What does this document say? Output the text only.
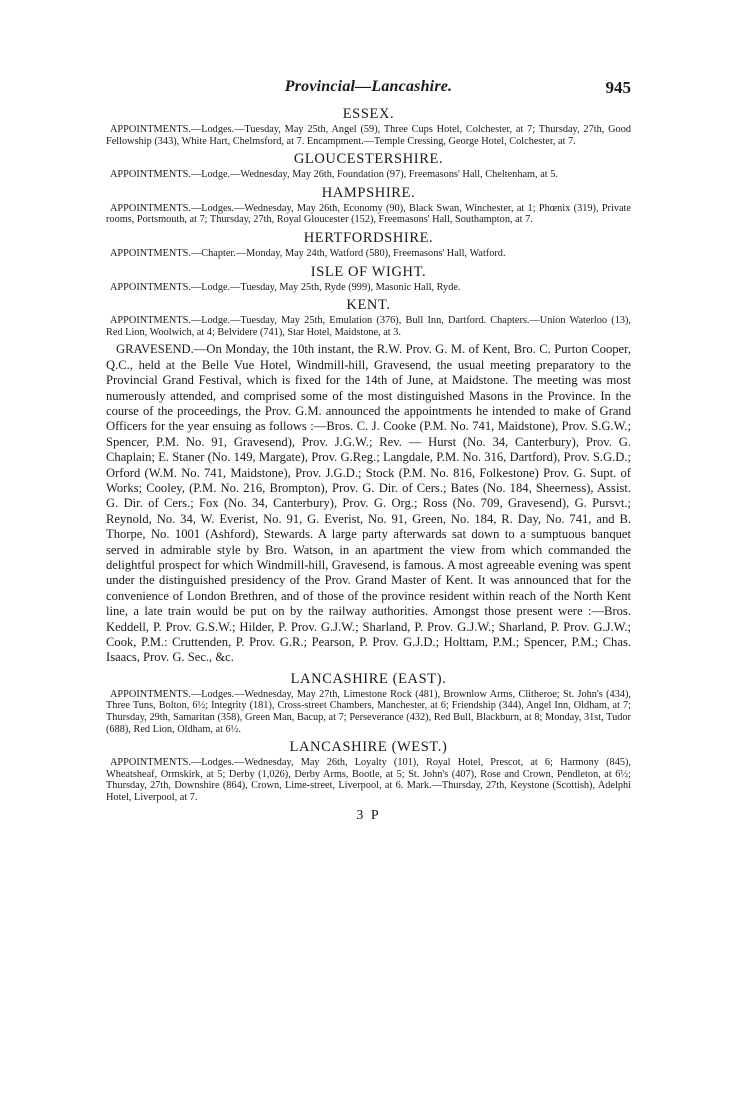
Provincial—Lancashire.	945
ESSEX.

APPOINTMENTS.—Lodges.—Tuesday, May 25th, Angel (59), Three Cups Hotel, Colchester, at 7; Thursday, 27th, Good Fellowship (343), White Hart, Chelmsford, at 7. Encampment.—Temple Cressing, George Hotel, Colchester, at 7.

GLOUCESTERSHIRE.

APPOINTMENTS.—Lodge.—Wednesday, May 26th, Foundation (97), Freemasons' Hall, Cheltenham, at 5.

HAMPSHIRE.

APPOINTMENTS.—Lodges.—Wednesday, May 26th, Economy (90), Black Swan, Winchester, at 1; Phœnix (319), Private rooms, Portsmouth, at 7; Thursday, 27th, Royal Gloucester (152), Freemasons' Hall, Southampton, at 7.

HERTFORDSHIRE.

APPOINTMENTS.—Chapter.—Monday, May 24th, Watford (580), Freemasons' Hall, Watford.

ISLE OF WIGHT.

APPOINTMENTS.—Lodge.—Tuesday, May 25th, Ryde (999), Masonic Hall, Ryde.

KENT.

APPOINTMENTS.—Lodge.—Tuesday, May 25th, Emulation (376), Bull Inn, Dartford. Chapters.—Union Waterloo (13), Red Lion, Woolwich, at 4; Belvidere (741), Star Hotel, Maidstone, at 3.

GRAVESEND.—On Monday, the 10th instant, the R.W. Prov. G. M. of Kent, Bro. C. Purton Cooper, Q.C., held at the Belle Vue Hotel, Windmill-hill, Gravesend, the usual meeting preparatory to the Provincial Grand Festival, which is fixed for the 14th of June, at Maidstone. The meeting was most numerously attended, and comprised some of the most distinguished Masons in the Province. In the course of the proceedings, the Prov. G.M. announced the appointments he intended to make of Grand Officers for the year ensuing as follows :—Bros. C. J. Cooke (P.M. No. 741, Maidstone), Prov. S.G.W.; Spencer, P.M. No. 91, Gravesend), Prov. J.G.W.; Rev. — Hurst (No. 34, Canterbury), Prov. G. Chaplain; E. Staner (No. 149, Margate), Prov. G.Reg.; Langdale, P.M. No. 316, Dartford), Prov. S.G.D.; Orford (W.M. No. 741, Maidstone), Prov. J.G.D.; Stock (P.M. No. 816, Folkestone) Prov. G. Supt. of Works; Cooley, (P.M. No. 216, Brompton), Prov. G. Dir. of Cers.; Bates (No. 184, Sheerness), Assist. G. Dir. of Cers.; Fox (No. 34, Canterbury), Prov. G. Org.; Ross (No. 709, Gravesend), G. Pursvt.; Reynold, No. 34, W. Everist, No. 91, G. Everist, No. 91, Green, No. 184, R. Day, No. 741, and B. Thorpe, No. 1001 (Ashford), Stewards. A large party afterwards sat down to a sumptuous banquet served in admirable style by Bro. Watson, in an apartment the view from which commanded the delightful prospect for which Windmill-hill, Gravesend, is famous. A most agreeable evening was spent under the distinguished presidency of the Prov. Grand Master of Kent. It was announced that for the convenience of London Brethren, and of those of the province resident within reach of the North Kent line, a late train would be put on by the railway authorities. Amongst those present were :—Bros. Keddell, P. Prov. G.S.W.; Hilder, P. Prov. G.J.W.; Sharland, P. Prov. G.J.W.; Sharland, P. Prov. G.J.W.; Cook, P.M.: Cruttenden, P. Prov. G.R.; Pearson, P. Prov. G.J.D.; Holttam, P.M.; Spencer, P.M.; Chas. Isaacs, Prov. G. Sec., &c.

LANCASHIRE (EAST).

APPOINTMENTS.—Lodges.—Wednesday, May 27th, Limestone Rock (481), Brownlow Arms, Clitheroe; St. John's (434), Three Tuns, Bolton, 6½; Integrity (181), Cross-street Chambers, Manchester, at 6; Friendship (344), Angel Inn, Oldham, at 7; Thursday, 29th, Samaritan (358), Green Man, Bacup, at 7; Perseverance (432), Red Bull, Blackburn, at 8; Monday, 31st, Tudor (688), Red Lion, Oldham, at 6½.

LANCASHIRE (WEST.)

APPOINTMENTS.—Lodges.—Wednesday, May 26th, Loyalty (101), Royal Hotel, Prescot, at 6; Harmony (845), Wheatsheaf, Ormskirk, at 5; Derby (1,026), Derby Arms, Bootle, at 5; St. John's (407), Rose and Crown, Pendleton, at 6½; Thursday, 27th, Downshire (864), Crown, Lime-street, Liverpool, at 6. Mark.—Thursday, 27th, Keystone (Scottish), Adelphi Hotel, Liverpool, at 7.

3 P
